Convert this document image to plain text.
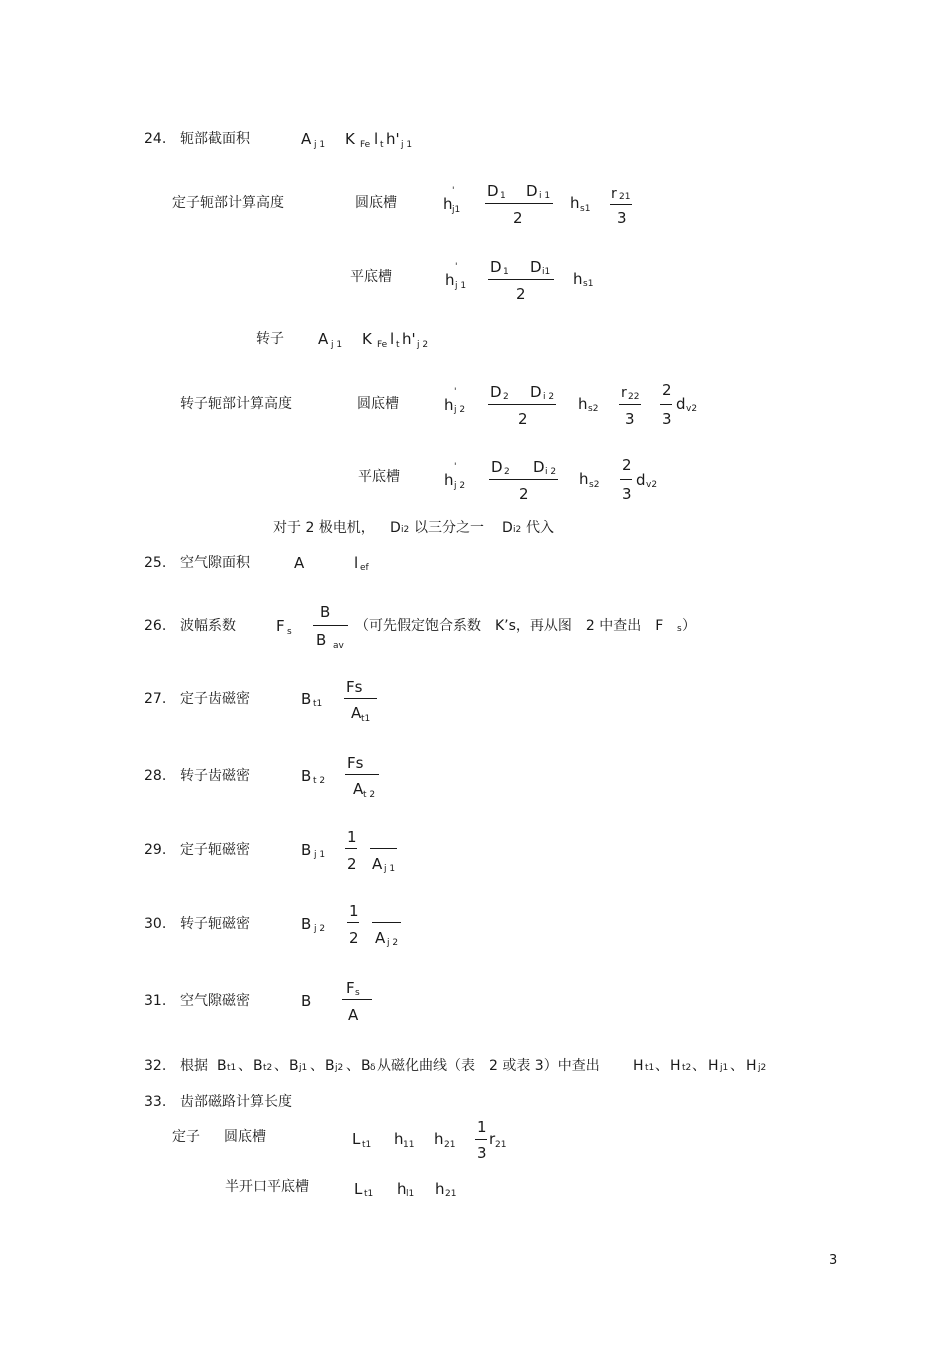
24. 轭部截面积	A j 1 K Fe l t h' j 1
定子轭部计算高度	圆底槽	h
'
j1
D 1 D i 1
2
h s1
r 21
3
平底槽	h
'
j 1
D 1 D i1
2
h s1
转子 A j 1 K Fe l t h' j 2
转子轭部计算高度	圆底槽	h
'
j 2
D 2 D i 2
2
h s2
r 22
3
2
3
d v2
平底槽	h
'
j 2
D 2 D i 2
2
h s2
2
3
d v2
对于 2 极电机， D i2 以三分之一 D i2 代入
25. 空气隙面积	A	l ef
26. 波幅系数	F s
B
B av
（可先假定饱合系数　K’s，再从图　2 中查出　F s ）
27. 定子齿磁密	B t1
Fs
A t1
28. 转子齿磁密	B t 2
Fs
A t 2
29. 定子轭磁密	B j 1
1
2 A j 1
30. 转子轭磁密	B j 2
1
2 A j 2
31. 空气隙磁密	B
F s
A
32. 根据 B t1 、 B t2 、 B j1 、 B j2 、 B δ 从磁化曲线（表　2 或表 3）中查出 H t1 、 H t2 、 H j1 、 H j2
33. 齿部磁路计算长度
定子 圆底槽	L t1 h 11 h 21
1
3
r 21
半开口平底槽	L t1 h l1 h 21
3
